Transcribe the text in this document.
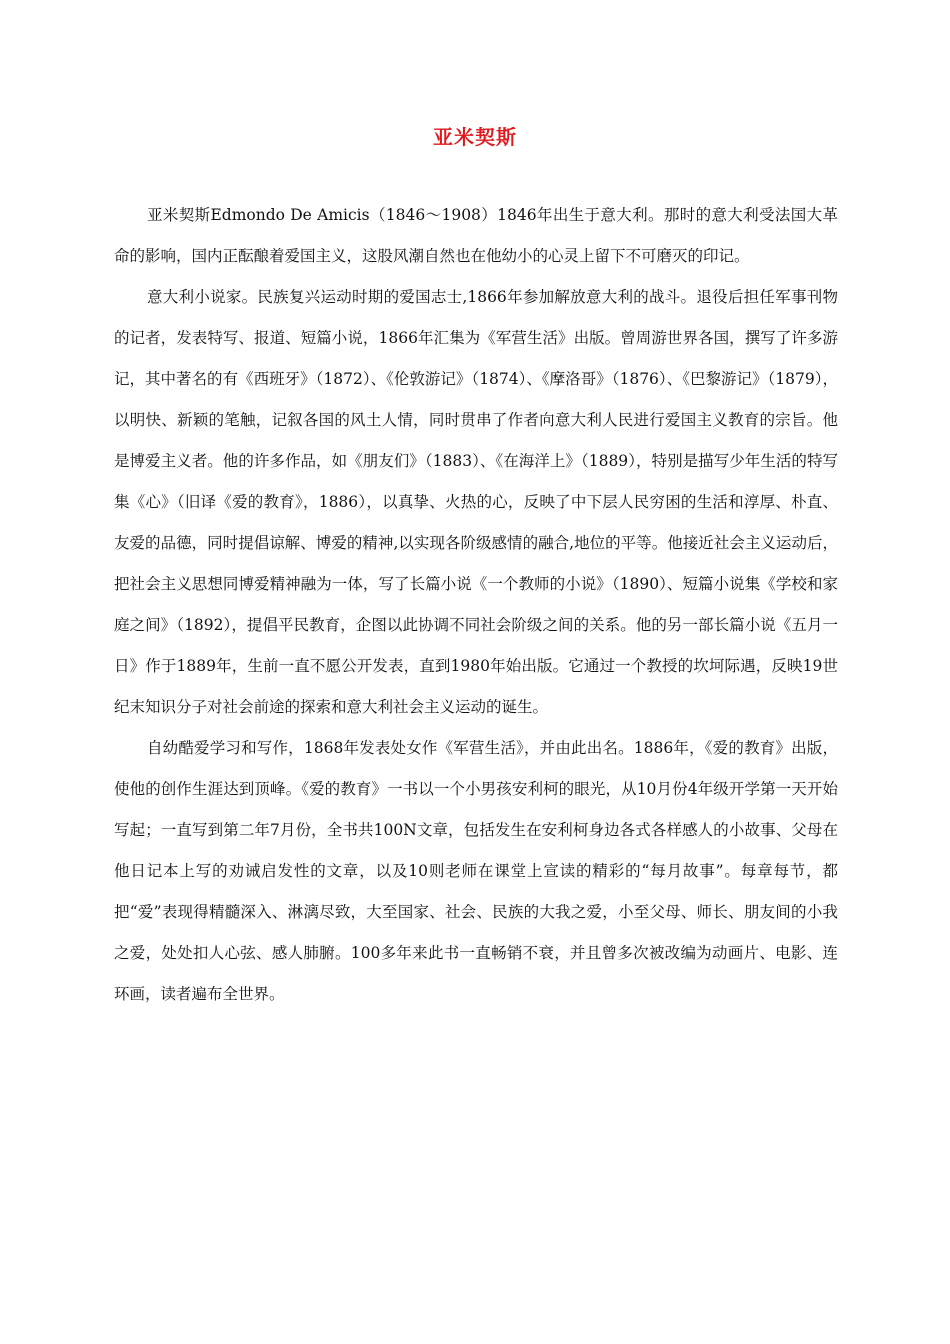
亚米契斯

亚米契斯Edmondo De Amicis（1846～1908）1846年出生于意大利。那时的意大利受法国大革命的影响，国内正酝酿着爱国主义，这股风潮自然也在他幼小的心灵上留下不可磨灭的印记。

意大利小说家。民族复兴运动时期的爱国志士,1866年参加解放意大利的战斗。退役后担任军事刊物的记者，发表特写、报道、短篇小说，1866年汇集为《军营生活》出版。曾周游世界各国，撰写了许多游记，其中著名的有《西班牙》（1872）、《伦敦游记》（1874）、《摩洛哥》（1876）、《巴黎游记》（1879），以明快、新颖的笔触，记叙各国的风土人情，同时贯串了作者向意大利人民进行爱国主义教育的宗旨。他是博爱主义者。他的许多作品，如《朋友们》（1883）、《在海洋上》（1889），特别是描写少年生活的特写集《心》（旧译《爱的教育》，1886），以真挚、火热的心，反映了中下层人民穷困的生活和淳厚、朴直、友爱的品德，同时提倡谅解、博爱的精神,以实现各阶级感情的融合,地位的平等。他接近社会主义运动后，把社会主义思想同博爱精神融为一体，写了长篇小说《一个教师的小说》（1890）、短篇小说集《学校和家庭之间》（1892），提倡平民教育，企图以此协调不同社会阶级之间的关系。他的另一部长篇小说《五月一日》作于1889年，生前一直不愿公开发表，直到1980年始出版。它通过一个教授的坎坷际遇，反映19世纪末知识分子对社会前途的探索和意大利社会主义运动的诞生。

自幼酷爱学习和写作，1868年发表处女作《军营生活》，并由此出名。1886年，《爱的教育》出版，使他的创作生涯达到顶峰。《爱的教育》一书以一个小男孩安利柯的眼光，从10月份4年级开学第一天开始写起；一直写到第二年7月份，全书共100N文章，包括发生在安利柯身边各式各样感人的小故事、父母在他日记本上写的劝诫启发性的文章，以及10则老师在课堂上宣读的精彩的“每月故事”。每章每节，都把“爱”表现得精髓深入、淋漓尽致，大至国家、社会、民族的大我之爱，小至父母、师长、朋友间的小我之爱，处处扣人心弦、感人肺腑。100多年来此书一直畅销不衰，并且曾多次被改编为动画片、电影、连环画，读者遍布全世界。
